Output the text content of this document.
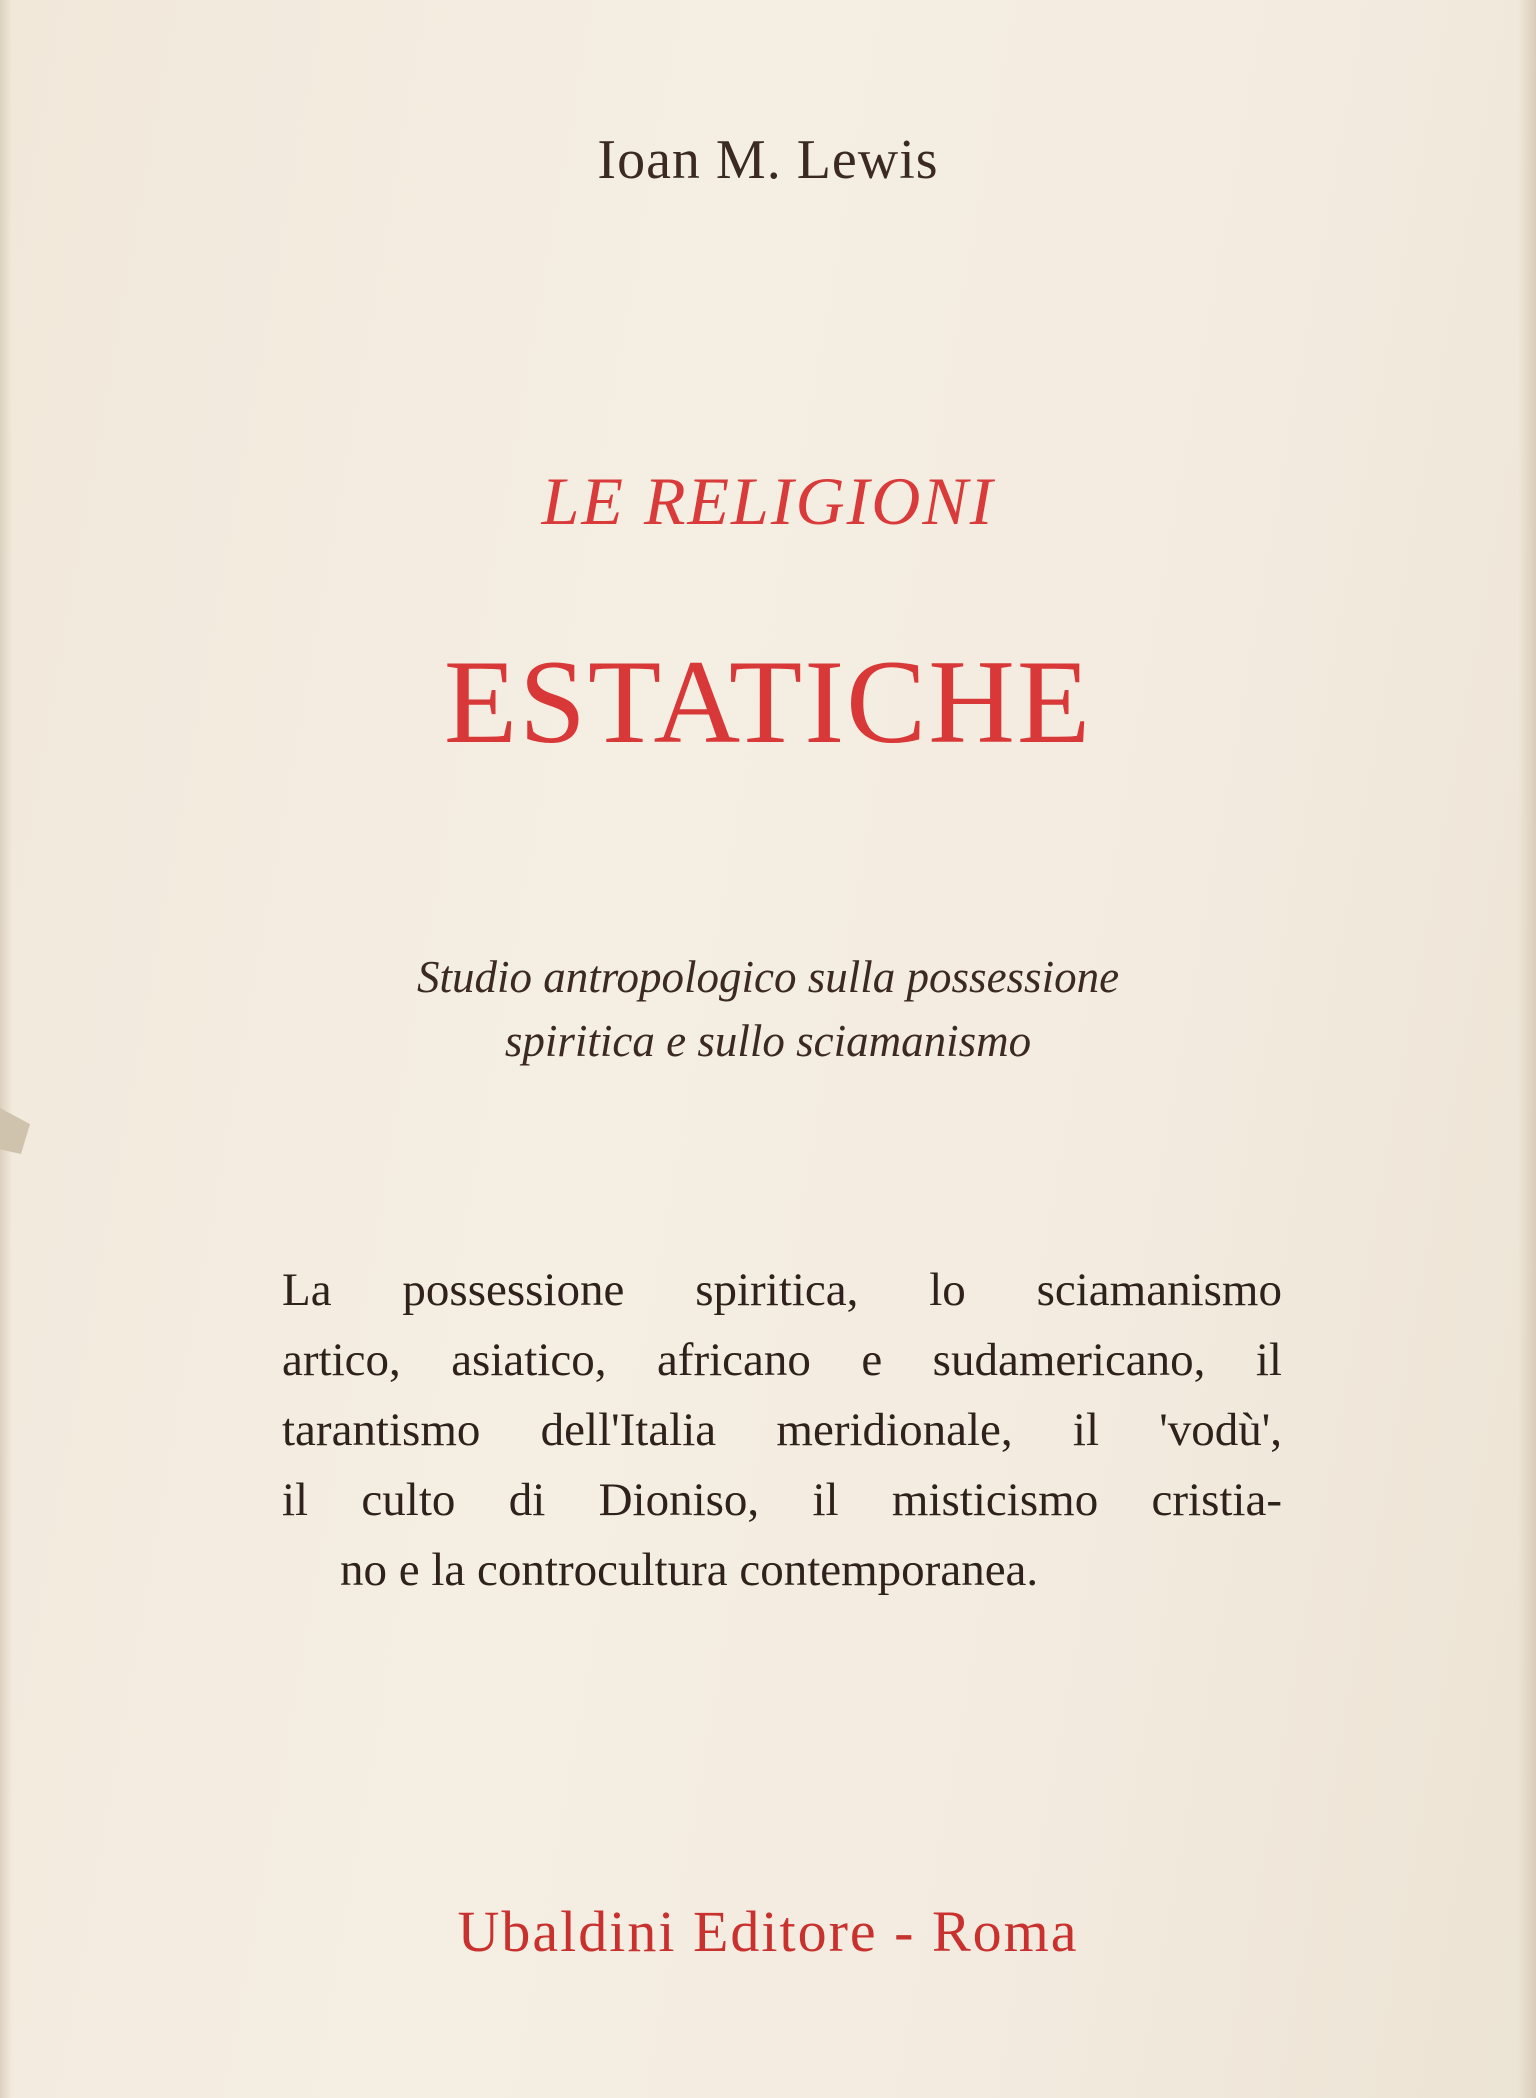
Ioan M. Lewis
LE RELIGIONI
ESTATICHE
Studio antropologico sulla possessione
spiritica e sullo sciamanismo
La possessione spiritica, lo sciamanismo
artico, asiatico, africano e sudamericano, il
tarantismo dell'Italia meridionale, il 'vodù',
il culto di Dioniso, il misticismo cristia-
no e la controcultura contemporanea.
Ubaldini Editore - Roma
